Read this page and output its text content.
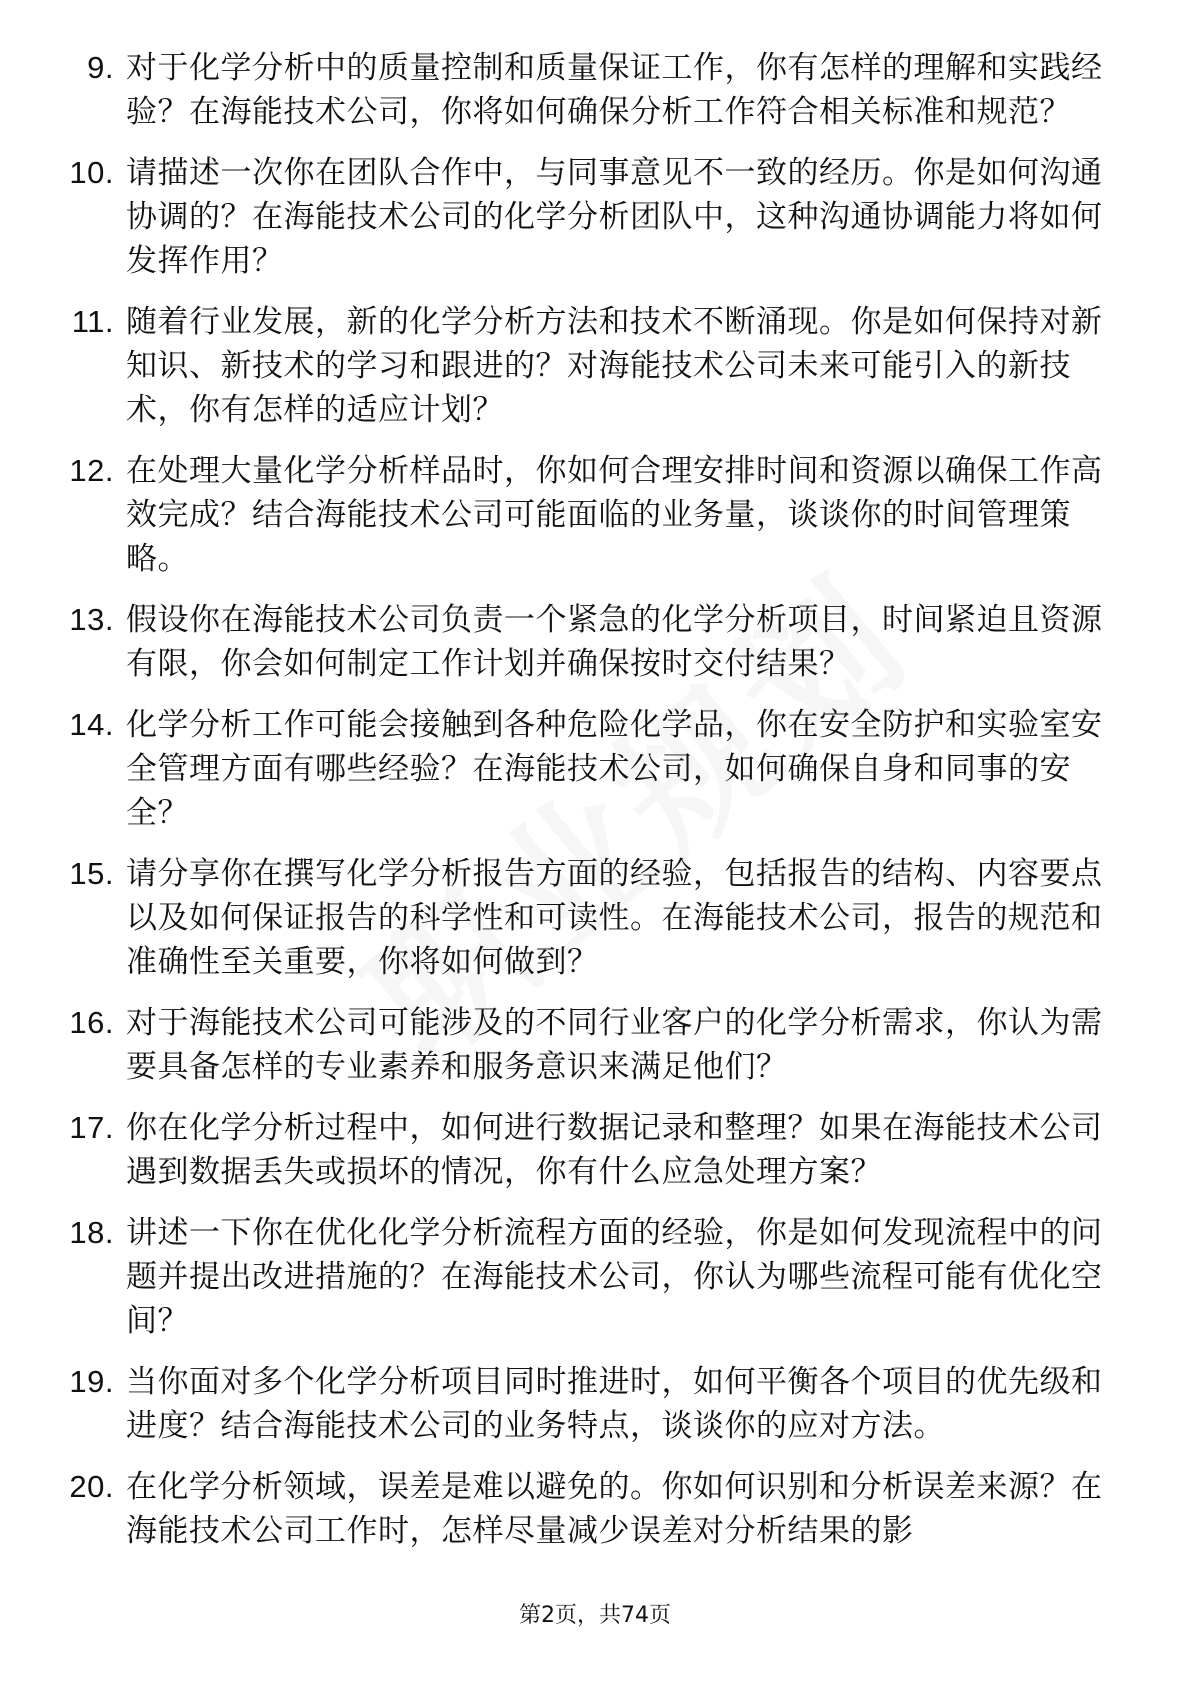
9. 对于化学分析中的质量控制和质量保证工作，你有怎样的理解和实践经验？在海能技术公司，你将如何确保分析工作符合相关标准和规范？
10. 请描述一次你在团队合作中，与同事意见不一致的经历。你是如何沟通协调的？在海能技术公司的化学分析团队中，这种沟通协调能力将如何发挥作用？
11. 随着行业发展，新的化学分析方法和技术不断涌现。你是如何保持对新知识、新技术的学习和跟进的？对海能技术公司未来可能引入的新技术，你有怎样的适应计划？
12. 在处理大量化学分析样品时，你如何合理安排时间和资源以确保工作高效完成？结合海能技术公司可能面临的业务量，谈谈你的时间管理策略。
13. 假设你在海能技术公司负责一个紧急的化学分析项目，时间紧迫且资源有限，你会如何制定工作计划并确保按时交付结果？
14. 化学分析工作可能会接触到各种危险化学品，你在安全防护和实验室安全管理方面有哪些经验？在海能技术公司，如何确保自身和同事的安全？
15. 请分享你在撰写化学分析报告方面的经验，包括报告的结构、内容要点以及如何保证报告的科学性和可读性。在海能技术公司，报告的规范和准确性至关重要，你将如何做到？
16. 对于海能技术公司可能涉及的不同行业客户的化学分析需求，你认为需要具备怎样的专业素养和服务意识来满足他们？
17. 你在化学分析过程中，如何进行数据记录和整理？如果在海能技术公司遇到数据丢失或损坏的情况，你有什么应急处理方案？
18. 讲述一下你在优化化学分析流程方面的经验，你是如何发现流程中的问题并提出改进措施的？在海能技术公司，你认为哪些流程可能有优化空间？
19. 当你面对多个化学分析项目同时推进时，如何平衡各个项目的优先级和进度？结合海能技术公司的业务特点，谈谈你的应对方法。
20. 在化学分析领域，误差是难以避免的。你如何识别和分析误差来源？在海能技术公司工作时，怎样尽量减少误差对分析结果的影
第2页，共74页
